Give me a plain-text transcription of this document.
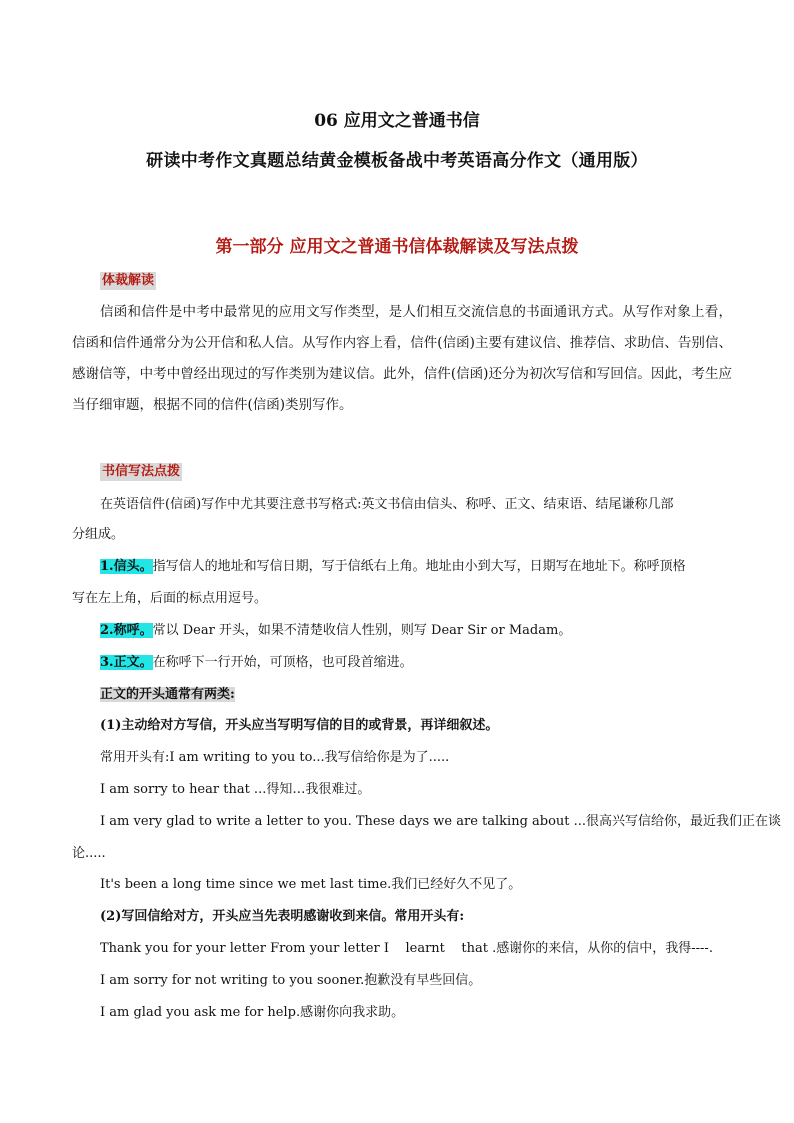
06 应用文之普通书信
研读中考作文真题总结黄金模板备战中考英语高分作文（通用版）
第一部分 应用文之普通书信体裁解读及写法点拨
体裁解读
信函和信件是中考中最常见的应用文写作类型，是人们相互交流信息的书面通讯方式。从写作对象上看，信函和信件通常分为公开信和私人信。从写作内容上看，信件(信函)主要有建议信、推荐信、求助信、告别信、感谢信等，中考中曾经出现过的写作类别为建议信。此外，信件(信函)还分为初次写信和写回信。因此，考生应当仔细审题，根据不同的信件(信函)类别写作。
书信写法点拨
在英语信件(信函)写作中尤其要注意书写格式:英文书信由信头、称呼、正文、结束语、结尾谦称几部
分组成。
1.信头。指写信人的地址和写信日期，写于信纸右上角。地址由小到大写，日期写在地址下。称呼顶格
写在左上角，后面的标点用逗号。
2.称呼。常以 Dear 开头，如果不清楚收信人性别，则写 Dear Sir or Madam。
3.正文。在称呼下一行开始，可顶格，也可段首缩进。
正文的开头通常有两类:
(1)主动给对方写信，开头应当写明写信的目的或背景，再详细叙述。
常用开头有:I am writing to you to...我写信给你是为了.....
I am sorry to hear that ...得知…我很难过。
I am very glad to write a letter to you. These days we are talking about ...很高兴写信给你，最近我们正在谈
论.....
It's been a long time since we met last time.我们已经好久不见了。
(2)写回信给对方，开头应当先表明感谢收到来信。常用开头有:
Thank you for your letter From your letter I    learnt    that .感谢你的来信，从你的信中，我得----.
I am sorry for not writing to you sooner.抱歉没有早些回信。
I am glad you ask me for help.感谢你向我求助。
